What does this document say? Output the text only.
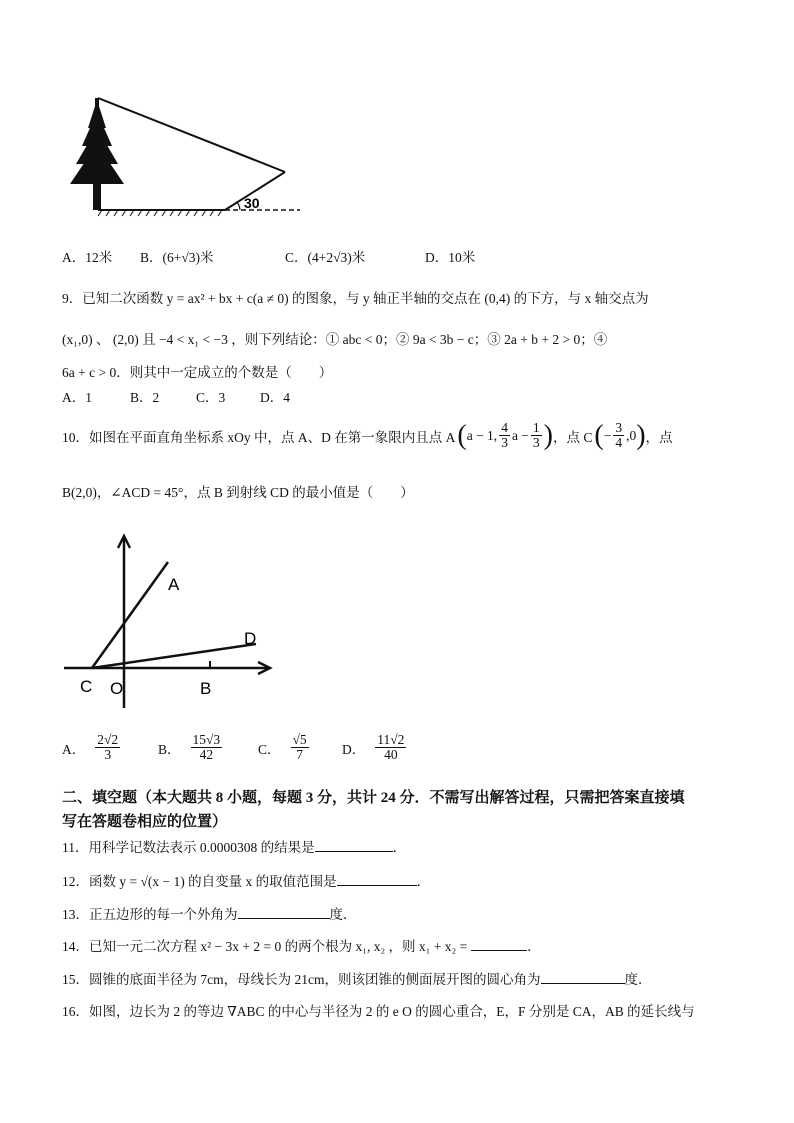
30
A．12米 B．(6+√3)米	C．(4+2√3)米	D．10米
9．已知二次函数 y = ax² + bx + c(a ≠ 0) 的图象，与 y 轴正半轴的交点在 (0,4) 的下方，与 x 轴交点为
(x₁,0) 、 (2,0) 且 −4 < x₁ < −3 ，则下列结论：① abc < 0；② 9a < 3b − c；③ 2a + b + 2 > 0；④
6a + c > 0．则其中一定成立的个数是（　　）
A．1	B．2	C．3	D．4
10．如图在平面直角坐标系 xOy 中，点 A、D 在第一象限内且点 A ( a − 1, $\frac{4}{3}$ $a - \frac{1}{3}$ ) ，点 C ( − $\frac{3}{4} ,0$ ) ，点
B(2,0)，∠ACD = 45°，点 B 到射线 CD 的最小值是（　　）
A
D
C O	B
A． $\frac{2√2}{3}$	B． $\frac{15√3}{42}$	C． $\frac{√5}{7}$ D． $\frac{11√2}{40}$
二、填空题（本大题共 8 小题，每题 3 分，共计 24 分．不需写出解答过程，只需把答案直接填
写在答题卷相应的位置）
11．用科学记数法表示 0.0000308 的结果是	．
12．函数 y = √(x − 1) 的自变量 x 的取值范围是	．
13．正五边形的每一个外角为	度．
14．已知一元二次方程 x² − 3x + 2 = 0 的两个根为 x₁, x₂ ，则 x₁ + x₂ =	．
15．圆锥的底面半径为 7cm，母线长为 21cm，则该团锥的侧面展开图的圆心角为	度．
16．如图，边长为 2 的等边 ∇ABC 的中心与半径为 2 的 e O 的圆心重合，E，F 分别是 CA，AB 的延长线与
